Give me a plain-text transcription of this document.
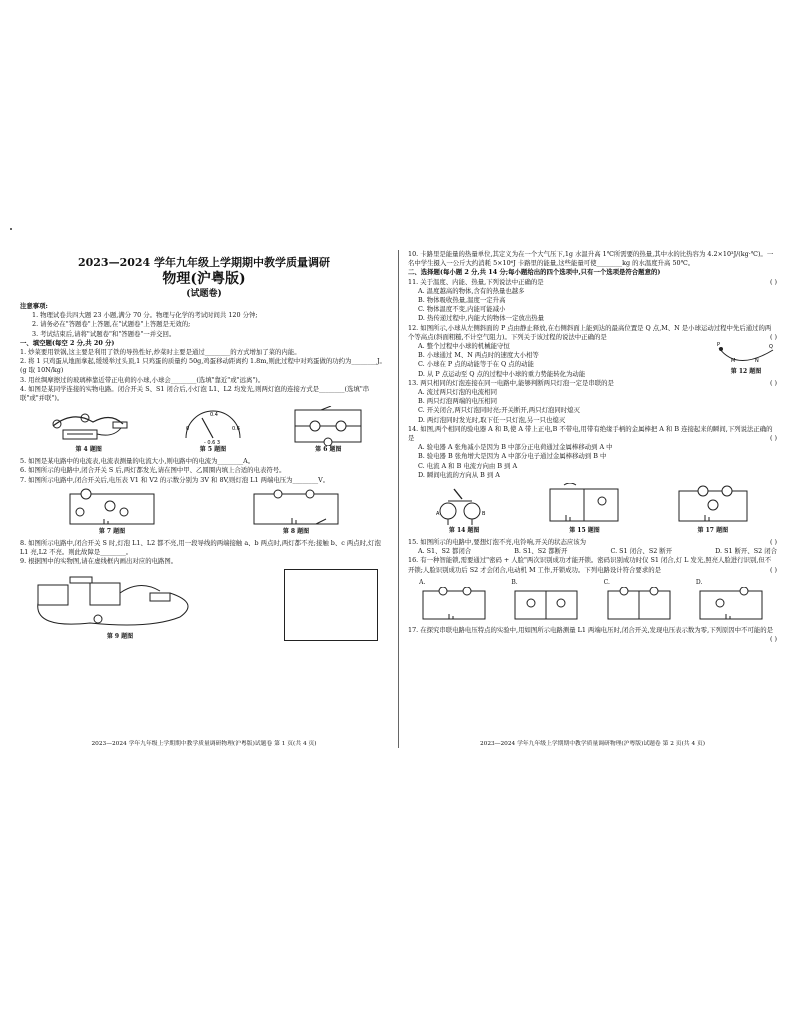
2023—2024 学年九年级上学期期中教学质量调研
物理(沪粤版)
(试题卷)
注意事项:
1. 物理试卷共四大题 23 小题,满分 70 分。物理与化学的考试时间共 120 分钟;
2. 请务必在"答题卷"上答题,在"试题卷"上答题是无效的;
3. 考试结束后,请将"试题卷"和"答题卷"一并交回。
一、填空题(每空 2 分,共 20 分)

1. 炒菜要用铁锅,这主要是利用了铁的导热性好,炒菜时主要是通过________的方式增加了菜的内能。

2. 将 1 只鸡蛋从地面拿起,缓缓举过头顶,1 只鸡蛋的质量约 50g,鸡蛋移动距离约 1.8m,则此过程中对鸡蛋做的功约为________J。(g 取 10N/kg)

3. 用丝绸摩擦过的玻璃棒靠近带正电荷的小球,小球会________(选填"靠近"或"远离")。

4. 如图是某同学连接的实物电路。闭合开关 S、S1 闭合后,小灯泡 L1、L2 均发光,则两灯泡的连接方式是________(选填"串联"或"并联")。

第 4 题图
0
0.4
0.6
- 0.6 3
第 5 题图	第 6 题图

5. 如图是某电路中的电流表,电流表测量的电流大小,则电路中的电流为________A。

6. 如图所示的电路中,闭合开关 S 后,两灯都发光,请在图中甲、乙圆圈内填上合适的电表符号。

7. 如图所示电路中,闭合开关后,电压表 V1 和 V2 的示数分别为 3V 和 8V,则灯泡 L1 两端电压为________V。

第 7 题图	第 8 题图

8. 如图所示电路中,闭合开关 S 时,灯泡 L1、L2 都不亮,用一段导线的两端接触 a、b 两点时,两灯都不亮;接触 b、c 两点时,灯泡 L1 亮,L2 不亮。则此故障是________。

9. 根据图中的实物图,请在虚线框内画出对应的电路图。

第 9 题图
2023—2024 学年九年级上学期期中教学质量调研物理(沪粤版)试题卷 第 1 页(共 4 页)

10. 卡路里是能量的热量单位,其定义为在一个大气压下,1g 水温升高 1℃所需要的热量,其中水的比热容为 4.2×10³J/(kg·℃)。一名中学生摄入一公斤大约消耗 5×10⁶J 卡路里的能量,这些能量可使________kg 的水温度升高 50℃。

二、选择题(每小题 2 分,共 14 分;每小题给出的四个选项中,只有一个选项是符合题意的)

11. 关于温度、内能、热量,下列说法中正确的是	( )

A. 温度越高的物体,含有的热量也越多
B. 物体吸收热量,温度一定升高
C. 物体温度不变,内能可能减小
D. 热传递过程中,内能大的物体一定放出热量

12. 如图所示,小球从左侧斜面的 P 点由静止释放,在右侧斜面上能到达的最高位置是 Q 点,M、N 是小球运动过程中先后通过的两个等高点(斜面粗糙,不计空气阻力)。下列关于该过程的说法中正确的是	( )

A. 整个过程中小球的机械能守恒
B. 小球通过 M、N 两点时的速度大小相等
C. 小球在 P 点的动能等于在 Q 点的动能
D. 从 P 点运动至 Q 点的过程中小球的重力势能转化为动能
P
M	N
Q
第 12 题图

13. 两只相同的灯泡连接在同一电路中,能够判断两只灯泡一定是串联的是	( )

A. 流过两只灯泡的电流相同
B. 两只灯泡两端的电压相同
C. 开关闭合,两只灯泡同时亮;开关断开,两只灯泡同时熄灭
D. 两灯泡同时发光时,取下任一只灯泡,另一只也熄灭

14. 如图,两个相同的验电器 A 和 B,使 A 带上正电,B 不带电,用带有绝缘手柄的金属棒把 A 和 B 连接起来的瞬间,下列说法正确的是	( )

A. 验电器 A 张角减小是因为 B 中部分正电荷通过金属棒移动到 A 中
B. 验电器 B 张角增大是因为 A 中部分电子通过金属棒移动到 B 中
C. 电流 A 和 B 电流方向由 B 到 A
D. 瞬间电流的方向从 B 到 A
A	B
第 14 题图	第 15 题图	第 17 题图

15. 如图所示的电路中,要想灯泡不亮,电铃响,开关的状态应该为	( )

A. S1、S2 都闭合	B. S1、S2 都断开	C. S1 闭合、S2 断开	D. S1 断开、S2 闭合

16. 有一种智能锁,需要通过"密码 + 人脸"两次识别成功才能开锁。密码识别成功时仅 S1 闭合,灯 L 发光,照亮人脸进行识别,但不开锁;人脸识别成功后 S2 才会闭合,电动机 M 工作,开锁成功。下列电路设计符合要求的是	( )

A.	B.	C.	D.

17. 在探究串联电路电压特点的实验中,用如图所示电路测量 L1 两端电压时,闭合开关,发现电压表示数为零,下列原因中不可能的是
( )

2023—2024 学年九年级上学期期中教学质量调研物理(沪粤版)试题卷 第 2 页(共 4 页)
